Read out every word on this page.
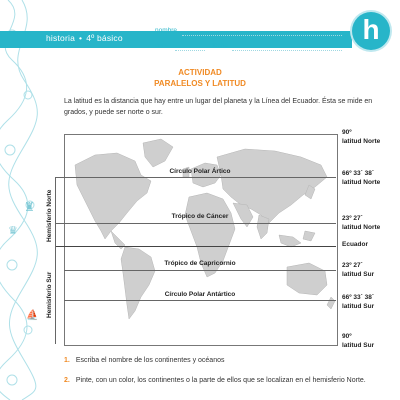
♜
♛
⛵
historia • 4º básico
nombre
curso	fecha
h
ACTIVIDAD
PARALELOS Y LATITUD
La latitud es la distancia que hay entre un lugar del planeta y la Línea del Ecuador. Ésta se mide en grados, y puede ser norte o sur.
Círculo Polar Ártico
Trópico de Cáncer
Trópico de Capricornio
Círculo Polar Antártico
90º
latitud Norte
66º 33´ 38´
latitud Norte
23º 27´
latitud Norte
Ecuador
23º 27´
latitud Sur
66º 33´ 38´
latitud Sur
90º
latitud Sur
Hemisferio Norte
Hemisferio Sur
1. Escriba el nombre de los continentes y océanos
2. Pinte, con un color, los continentes o la parte de ellos que se localizan en el hemisferio Norte.
